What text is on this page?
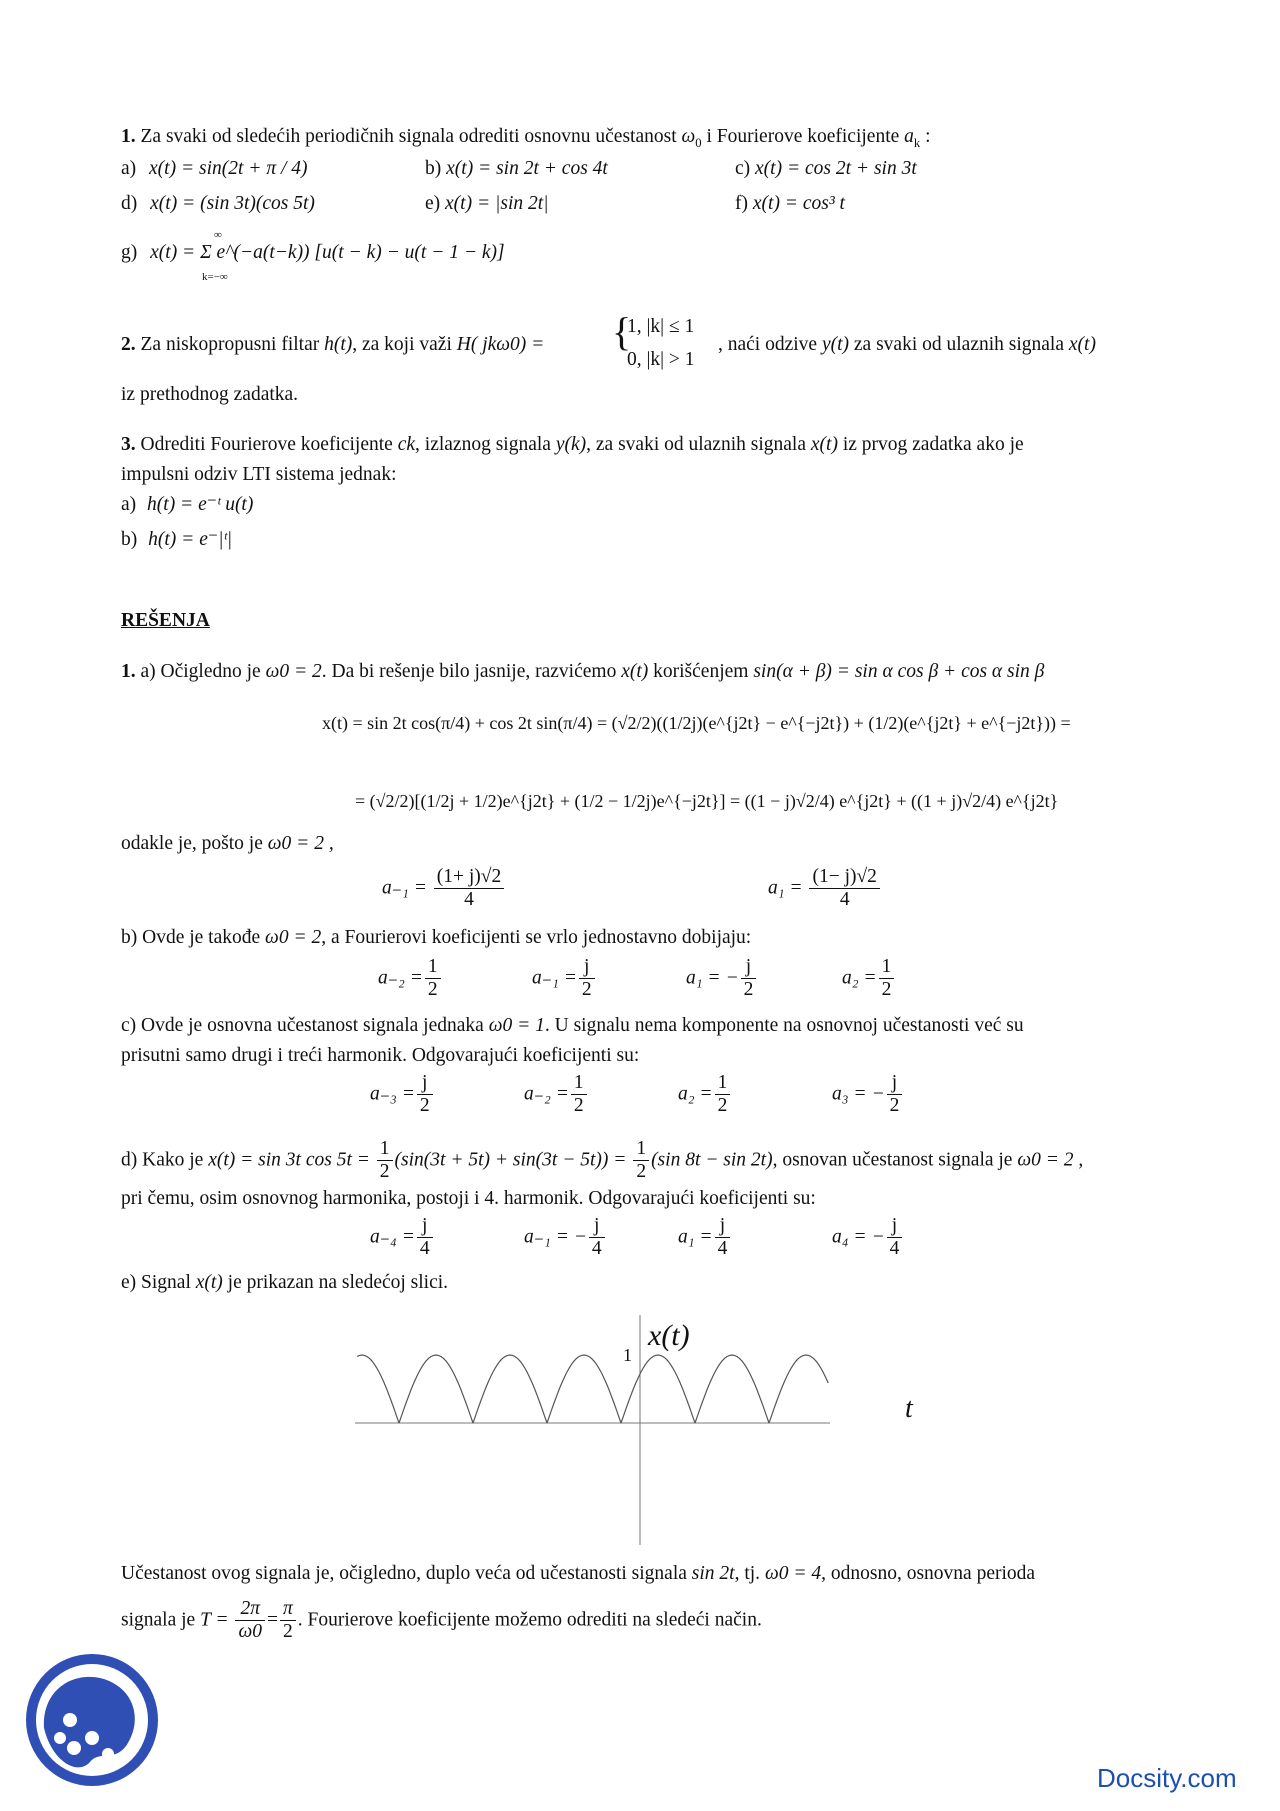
1. Za svaki od sledećih periodičnih signala odrediti osnovnu učestanost $\omega_0$ i Fourierove koeficijente $a_k$ :
a) x(t) = sin(2t + π / 4)	b) x(t) = sin 2t + cos 4t	c) x(t) = cos 2t + sin 3t
d) x(t) = (sin 3t)(cos 5t)	e) x(t) = |sin 2t|	f) x(t) = cos³ t
g) x(t) = Σ e^(−a(t−k)) [u(t − k) − u(t − 1 − k)]
∞
k=−∞
2. Za niskopropusni filtar h(t), za koji važi H( jkω0) = {
1, |k| ≤ 1
0, |k| > 1
, naći odzive y(t) za svaki od ulaznih signala x(t)
iz prethodnog zadatka.
3. Odrediti Fourierove koeficijente ck, izlaznog signala y(k), za svaki od ulaznih signala x(t) iz prvog zadatka ako je
impulsni odziv LTI sistema jednak:
a) h(t) = e⁻ᵗ u(t)
b) h(t) = e⁻|ᵗ|
REŠENJA
1. a) Očigledno je ω0 = 2. Da bi rešenje bilo jasnije, razvićemo x(t) korišćenjem sin(α + β) = sin α cos β + cos α sin β
x(t) = sin 2t cos(π/4) + cos 2t sin(π/4) = (√2/2)((1/2j)(e^{j2t} − e^{−j2t}) + (1/2)(e^{j2t} + e^{−j2t})) =
= (√2/2)[(1/2j + 1/2)e^{j2t} + (1/2 − 1/2j)e^{−j2t}] = ((1 − j)√2/4) e^{j2t} + ((1 + j)√2/4) e^{j2t}
odakle je, pošto je ω0 = 2 ,
$a_{-1} = \frac{(1+ j)√2}{4}$	$a_1 = \frac{(1- j)√2}{4}$
b) Ovde je takođe ω0 = 2, a Fourierovi koeficijenti se vrlo jednostavno dobijaju:
$a_{-2} = \frac{1}{2}$	$a_{-1} = \frac{j}{2}$	a₁ = − $\frac{j}{2}$	$a_2 = \frac{1}{2}$
c) Ovde je osnovna učestanost signala jednaka ω0 = 1. U signalu nema komponente na osnovnoj učestanosti već su
prisutni samo drugi i treći harmonik. Odgovarajući koeficijenti su:
$a_{-3} = \frac{j}{2}$	$a_{-2} = \frac{1}{2}$	$a_2 = \frac{1}{2}$	a₃ = − $\frac{j}{2}$
d) Kako je x(t) = sin 3t $\cos 5t = \frac{1}{2} (\sin(3t + 5t) + \sin(3t - 5t)) = \frac{1}{2} (\sin$ 8t − sin 2t), osnovan učestanost signala je ω0 = 2 ,
pri čemu, osim osnovnog harmonika, postoji i 4. harmonik. Odgovarajući koeficijenti su:
$a_{-4} = \frac{j}{4}$	a₋₁ = − $\frac{j}{4}$	$a_1 = \frac{j}{4}$	a₄ = − $\frac{j}{4}$
e) Signal x(t) je prikazan na sledećoj slici.
x(t)
1
t
Učestanost ovog signala je, očigledno, duplo veća od učestanosti signala sin 2t, tj. ω0 = 4, odnosno, osnovna perioda
signala je $T = \frac{2\pi}{\omega 0} = \frac{\pi}{2}$ . Fourierove koeficijente možemo odrediti na sledeći način.
Docsity.com
